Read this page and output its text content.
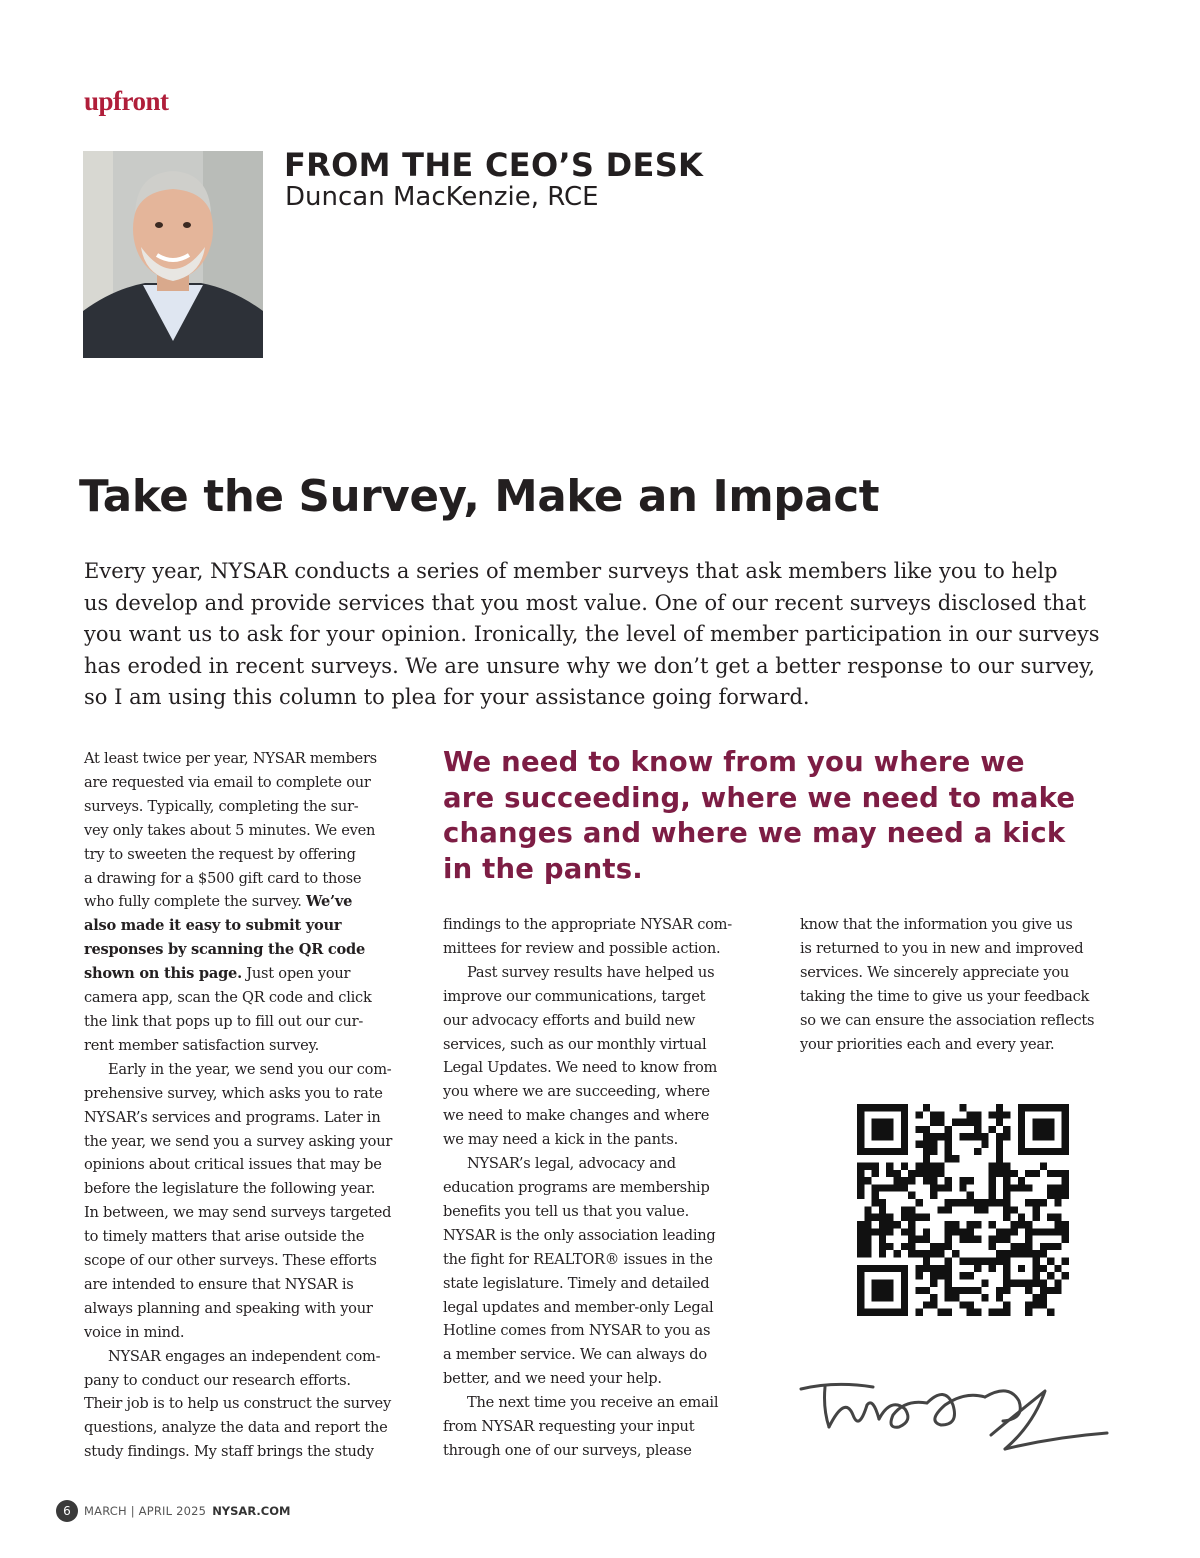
upfront
FROM THE CEO’S DESK
Duncan MacKenzie, RCE
Take the Survey, Make an Impact

Every year, NYSAR conducts a series of member surveys that ask members like you to help
us develop and provide services that you most value. One of our recent surveys disclosed that
you want us to ask for your opinion. Ironically, the level of member participation in our surveys
has eroded in recent surveys. We are unsure why we don’t get a better response to our survey,
so I am using this column to plea for your assistance going forward.

We need to know from you where we
are succeeding, where we need to make
changes and where we may need a kick
in the pants.

At least twice per year, NYSAR members
are requested via email to complete our
surveys. Typically, completing the sur-
vey only takes about 5 minutes. We even
try to sweeten the request by offering
a drawing for a $500 gift card to those
who fully complete the survey. We’ve
also made it easy to submit your
responses by scanning the QR code
shown on this page. Just open your
camera app, scan the QR code and click
the link that pops up to fill out our cur-
rent member satisfaction survey.
Early in the year, we send you our com-
prehensive survey, which asks you to rate
NYSAR’s services and programs. Later in
the year, we send you a survey asking your
opinions about critical issues that may be
before the legislature the following year.
In between, we may send surveys targeted
to timely matters that arise outside the
scope of our other surveys. These efforts
are intended to ensure that NYSAR is
always planning and speaking with your
voice in mind.
NYSAR engages an independent com-
pany to conduct our research efforts.
Their job is to help us construct the survey
questions, analyze the data and report the
study findings. My staff brings the study
findings to the appropriate NYSAR com-
mittees for review and possible action.
Past survey results have helped us
improve our communications, target
our advocacy efforts and build new
services, such as our monthly virtual
Legal Updates. We need to know from
you where we are succeeding, where
we need to make changes and where
we may need a kick in the pants.
NYSAR’s legal, advocacy and
education programs are membership
benefits you tell us that you value.
NYSAR is the only association leading
the fight for REALTOR® issues in the
state legislature. Timely and detailed
legal updates and member-only Legal
Hotline comes from NYSAR to you as
a member service. We can always do
better, and we need your help.
The next time you receive an email
from NYSAR requesting your input
through one of our surveys, please
know that the information you give us
is returned to you in new and improved
services. We sincerely appreciate you
taking the time to give us your feedback
so we can ensure the association reflects
your priorities each and every year.
6	MARCH | APRIL 2025 NYSAR.COM
